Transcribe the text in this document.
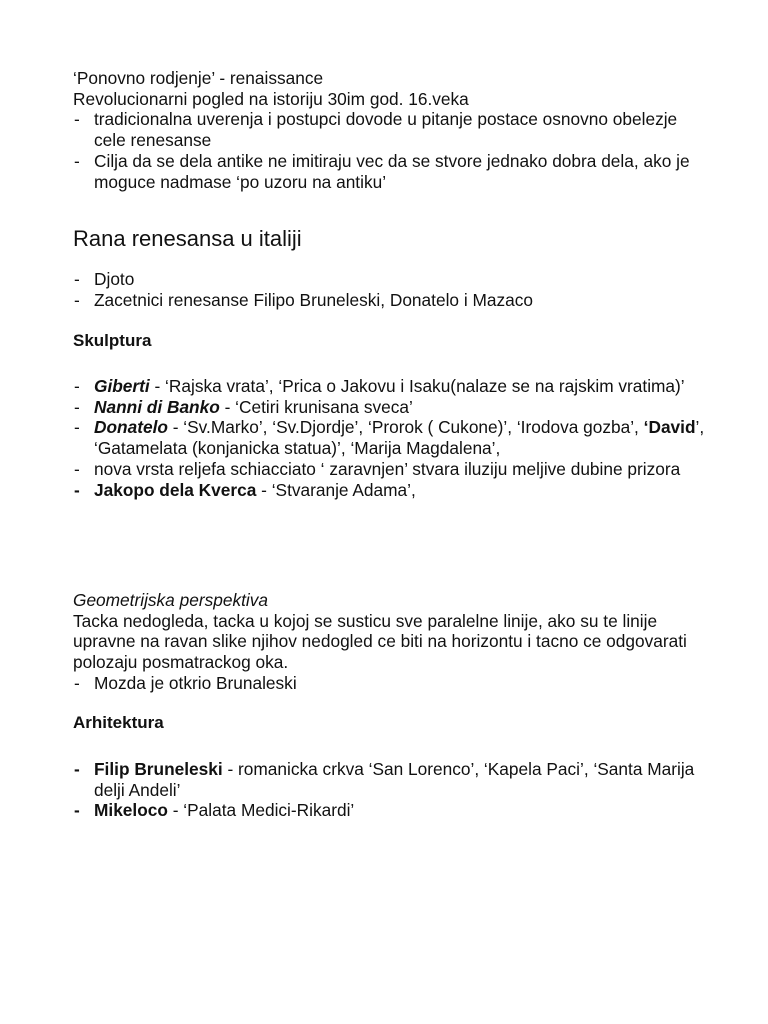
‘Ponovno rodjenje’ - renaissance

Revolucionarni pogled na istoriju 30im god. 16.veka

- tradicionalna uverenja i postupci dovode u pitanje postace osnovno obelezje cele renesanse
- Cilja da se dela antike ne imitiraju vec da se stvore jednako dobra dela, ako je moguce nadmase ‘po uzoru na antiku’
Rana renesansa u italiji
- Djoto
- Zacetnici renesanse Filipo Bruneleski, Donatelo i Mazaco
Skulptura
- Giberti - ‘Rajska vrata’, ‘Prica o Jakovu i Isaku(nalaze se na rajskim vratima)’
- Nanni di Banko - ‘Cetiri krunisana sveca’
- Donatelo - ‘Sv.Marko’, ‘Sv.Djordje’, ‘Prorok ( Cukone)’, ‘Irodova gozba’, ‘David’, ‘Gatamelata (konjanicka statua)’, ‘Marija Magdalena’,
- nova vrsta reljefa schiacciato ‘ zaravnjen’ stvara iluziju meljive dubine prizora
- Jakopo dela Kverca - ‘Stvaranje Adama’,

Geometrijska perspektiva

Tacka nedogleda, tacka u kojoj se susticu sve paralelne linije, ako su te linije upravne na ravan slike njihov nedogled ce biti na horizontu i tacno ce odgovarati polozaju posmatrackog oka.

- Mozda je otkrio Brunaleski
Arhitektura
- Filip Bruneleski - romanicka crkva ‘San Lorenco’, ‘Kapela Paci’, ‘Santa Marija delji Andeli’
- Mikeloco - ‘Palata Medici-Rikardi’
